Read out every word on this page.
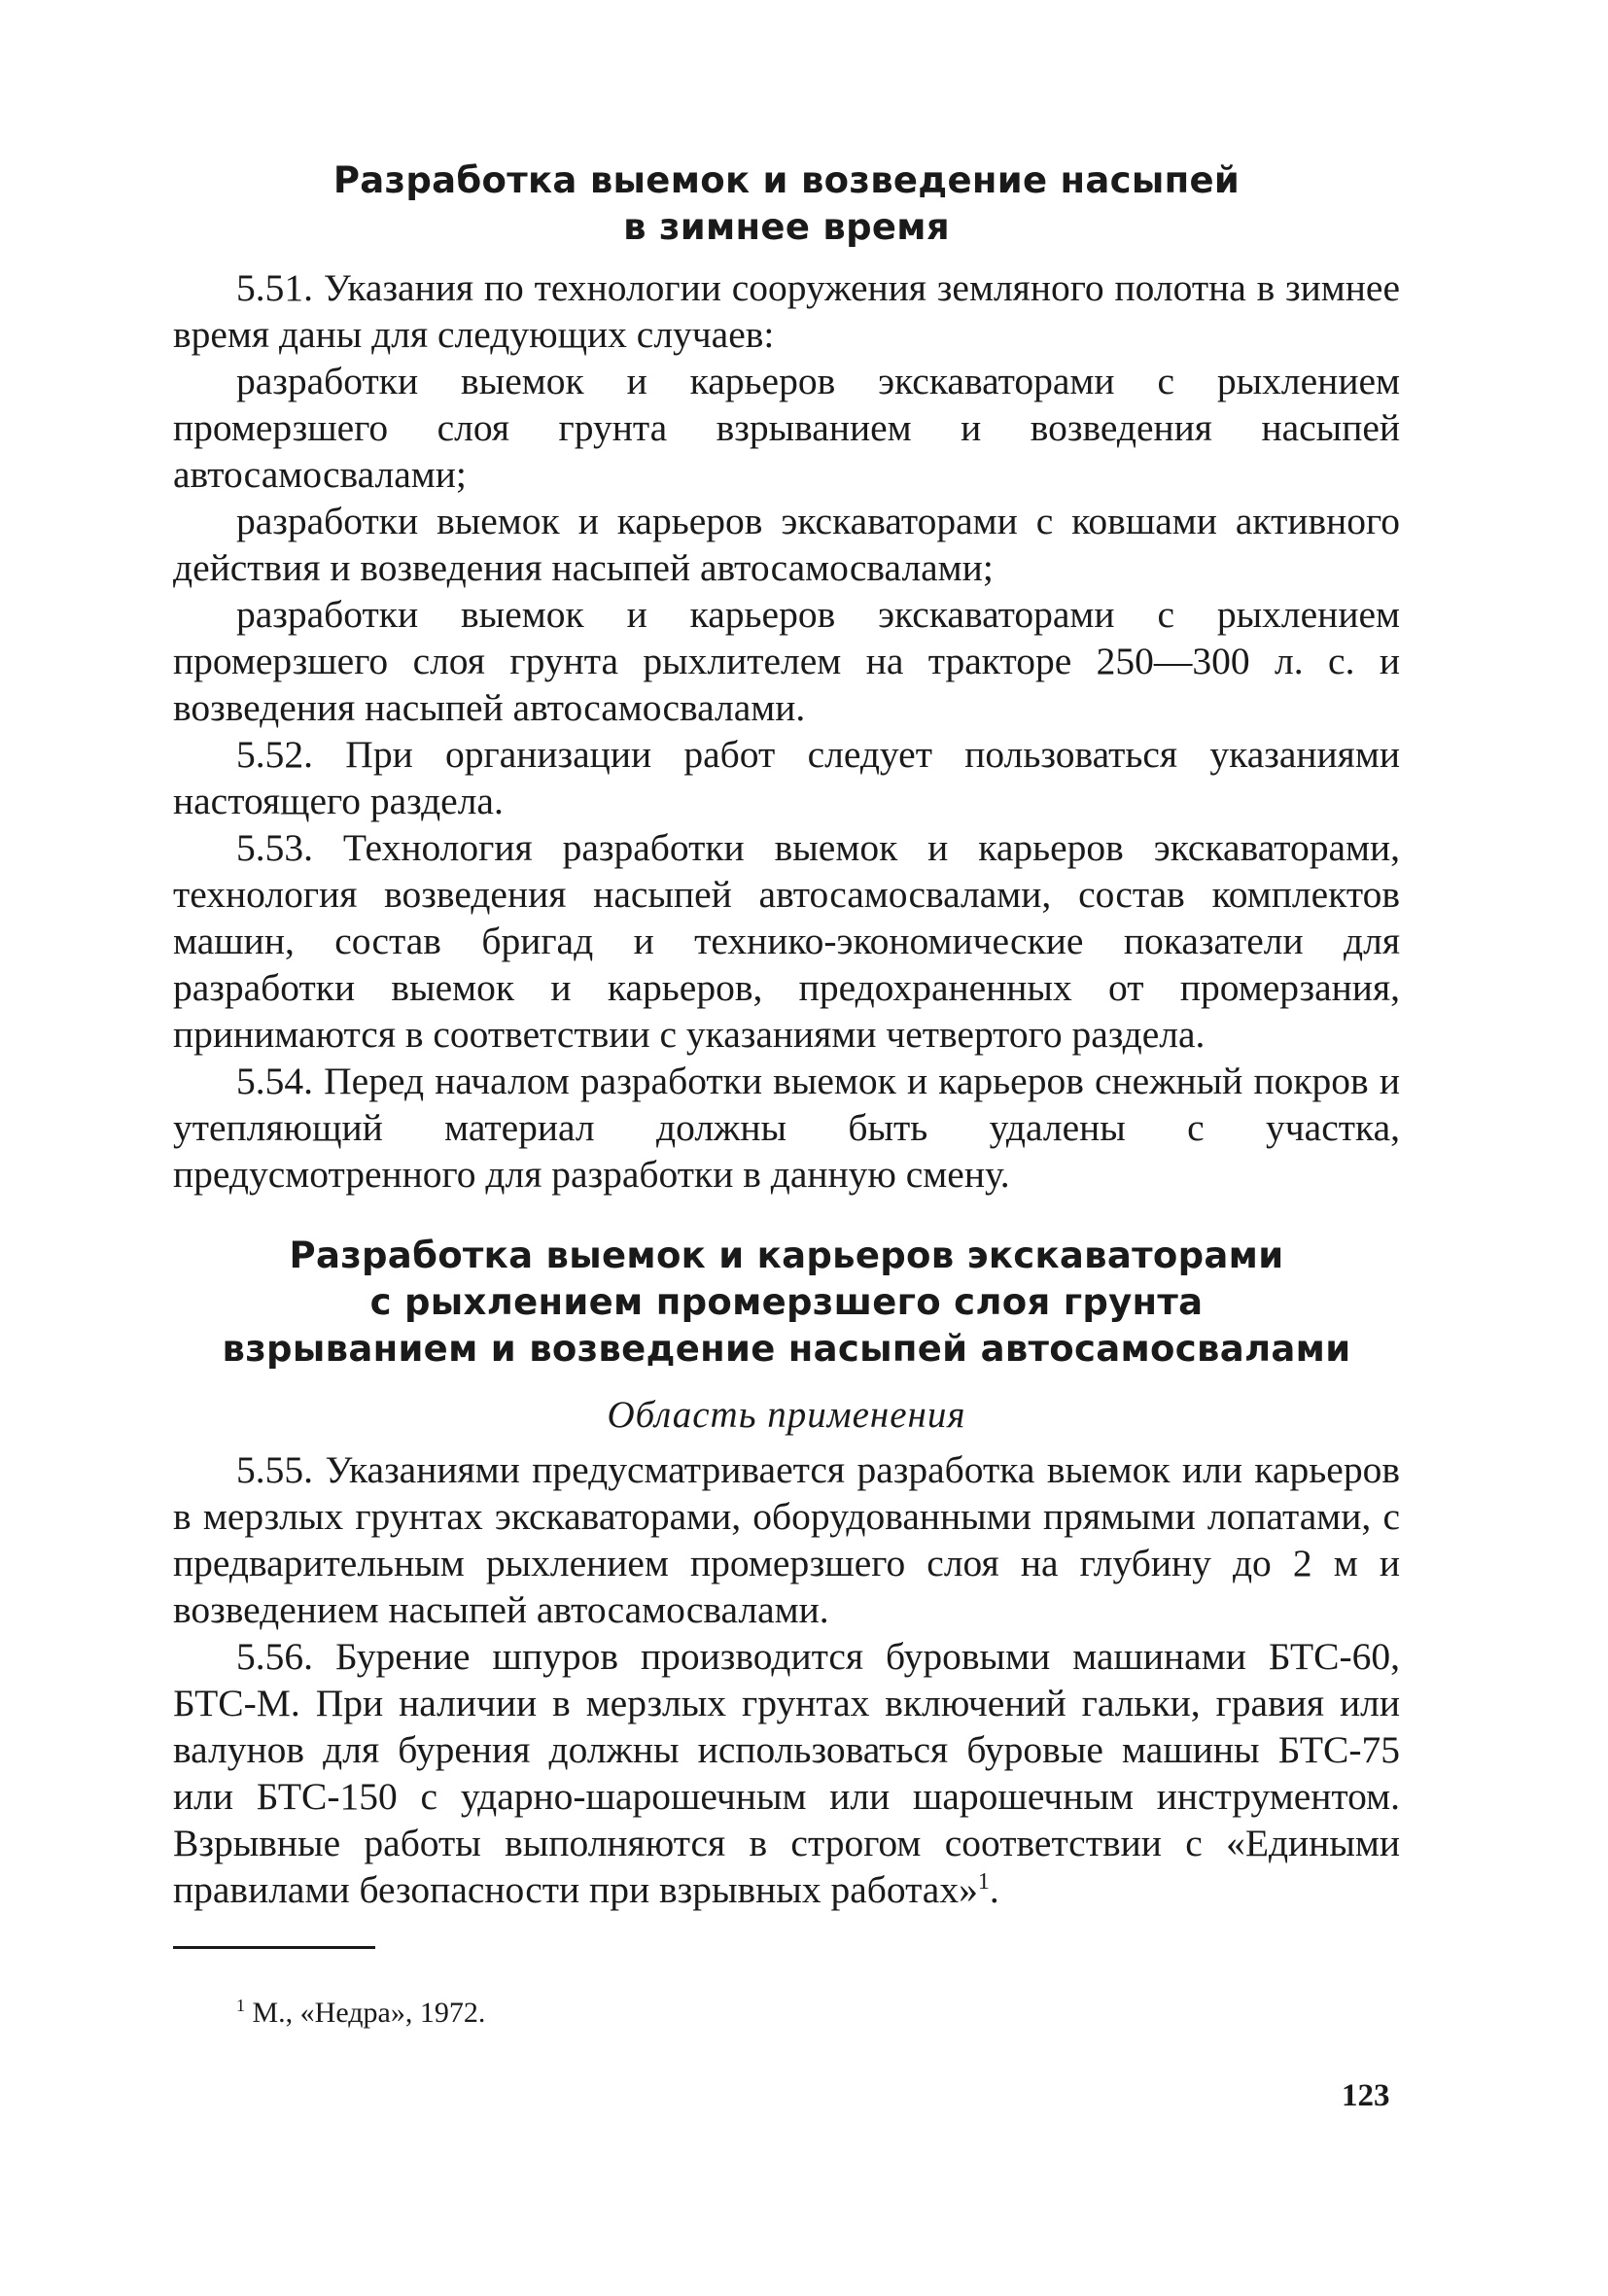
Разработка выемок и возведение насыпей
в зимнее время

5.51. Указания по технологии сооружения земляного полотна в зимнее время даны для следующих случаев:

разработки выемок и карьеров экскаваторами с рыхлением промерзшего слоя грунта взрыванием и возведения насыпей автосамосвалами;

разработки выемок и карьеров экскаваторами с ковшами активного действия и возведения насыпей автосамосвалами;

разработки выемок и карьеров экскаваторами с рыхлением промерзшего слоя грунта рыхлителем на тракторе 250—300 л. с. и возведения насыпей автосамосвалами.

5.52. При организации работ следует пользоваться указаниями настоящего раздела.

5.53. Технология разработки выемок и карьеров экскаваторами, технология возведения насыпей автосамосвалами, состав комплектов машин, состав бригад и технико-экономические показатели для разработки выемок и карьеров, предохраненных от промерзания, принимаются в соответствии с указаниями четвертого раздела.

5.54. Перед началом разработки выемок и карьеров снежный покров и утепляющий материал должны быть удалены с участка, предусмотренного для разработки в данную смену.

Разработка выемок и карьеров экскаваторами
с рыхлением промерзшего слоя грунта
взрыванием и возведение насыпей автосамосвалами
Область применения

5.55. Указаниями предусматривается разработка выемок или карьеров в мерзлых грунтах экскаваторами, оборудованными прямыми лопатами, с предварительным рыхлением промерзшего слоя на глубину до 2 м и возведением насыпей автосамосвалами.

5.56. Бурение шпуров производится буровыми машинами БТС-60, БТС-М. При наличии в мерзлых грунтах включений гальки, гравия или валунов для бурения должны использоваться буровые машины БТС-75 или БТС-150 с ударно-шарошечным или шарошечным инструментом. Взрывные работы выполняются в строгом соответствии с «Едиными правилами безопасности при взрывных работах»$^1$.

$^1$ М., «Недра», 1972.
123
